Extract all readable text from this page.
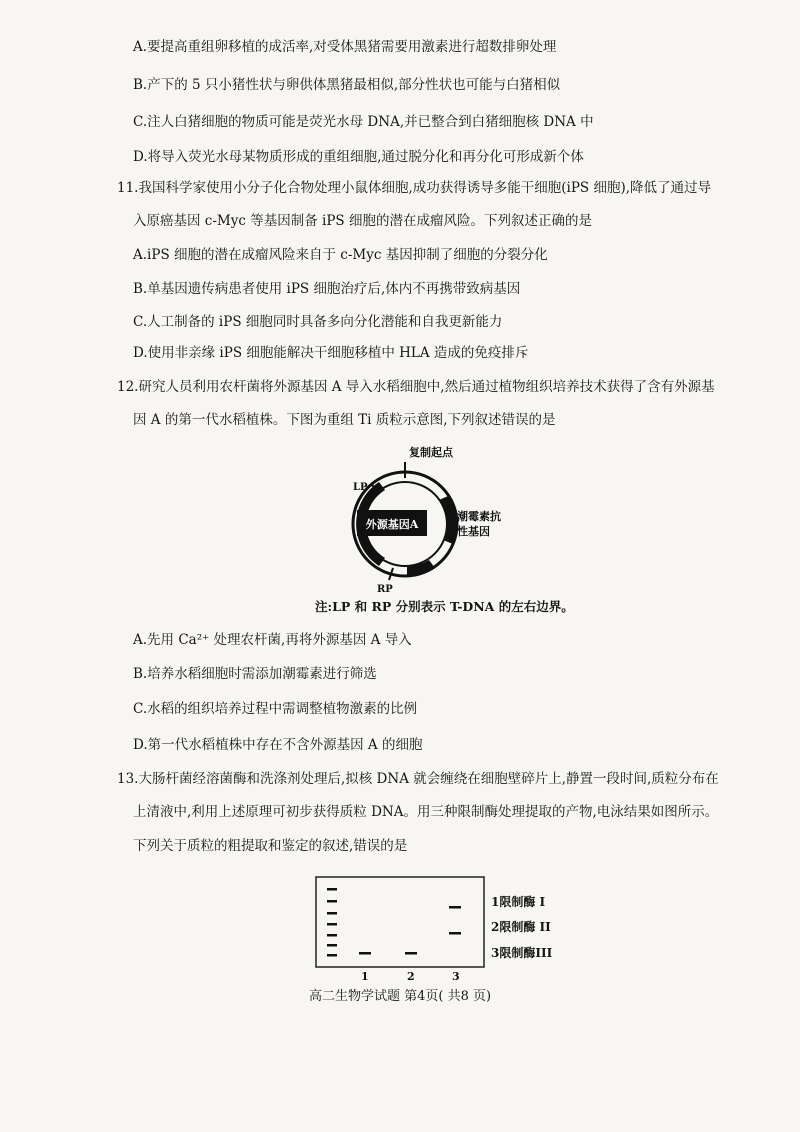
A.要提高重组卵移植的成活率,对受体黑猪需要用激素进行超数排卵处理
B.产下的 5 只小猪性状与卵供体黑猪最相似,部分性状也可能与白猪相似
C.注人白猪细胞的物质可能是荧光水母 DNA,并已整合到白猪细胞核 DNA 中
D.将导入荧光水母某物质形成的重组细胞,通过脱分化和再分化可形成新个体
11.我国科学家使用小分子化合物处理小鼠体细胞,成功获得诱导多能干细胞(iPS 细胞),降低了通过导
入原癌基因 c-Myc 等基因制备 iPS 细胞的潜在成瘤风险。下列叙述正确的是
A.iPS 细胞的潜在成瘤风险来自于 c-Myc 基因抑制了细胞的分裂分化
B.单基因遗传病患者使用 iPS 细胞治疗后,体内不再携带致病基因
C.人工制备的 iPS 细胞同时具备多向分化潜能和自我更新能力
D.使用非亲缘 iPS 细胞能解决干细胞移植中 HLA 造成的免疫排斥
12.研究人员利用农杆菌将外源基因 A 导入水稻细胞中,然后通过植物组织培养技术获得了含有外源基
因 A 的第一代水稻植株。下图为重组 Ti 质粒示意图,下列叙述错误的是
外源基因A
复制起点
LP
RP
潮霉素抗
性基因
注:LP 和 RP 分别表示 T-DNA 的左右边界。
A.先用 Ca²⁺ 处理农杆菌,再将外源基因 A 导入
B.培养水稻细胞时需添加潮霉素进行筛选
C.水稻的组织培养过程中需调整植物激素的比例
D.第一代水稻植株中存在不含外源基因 A 的细胞
13.大肠杆菌经溶菌酶和洗涤剂处理后,拟核 DNA 就会缠绕在细胞壁碎片上,静置一段时间,质粒分布在
上清液中,利用上述原理可初步获得质粒 DNA。用三种限制酶处理提取的产物,电泳结果如图所示。
下列关于质粒的粗提取和鉴定的叙述,错误的是
1	2	3
1限制酶 I
2限制酶 II
3限制酶III
高二生物学试题 第4页( 共8 页)
